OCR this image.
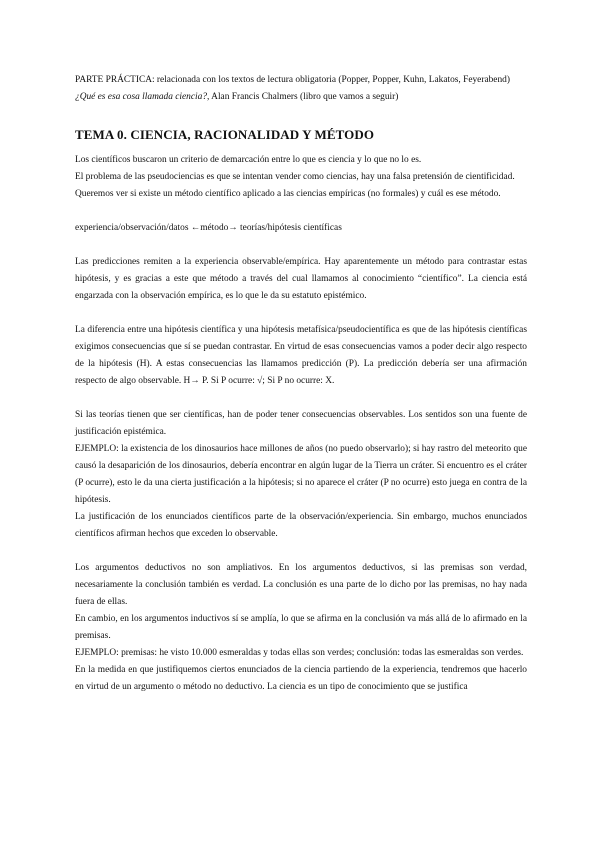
PARTE PRÁCTICA: relacionada con los textos de lectura obligatoria (Popper, Popper, Kuhn, Lakatos, Feyerabend)

¿Qué es esa cosa llamada ciencia?, Alan Francis Chalmers (libro que vamos a seguir)

TEMA 0. CIENCIA, RACIONALIDAD Y MÉTODO

Los científicos buscaron un criterio de demarcación entre lo que es ciencia y lo que no lo es.

El problema de las pseudociencias es que se intentan vender como ciencias, hay una falsa pretensión de cientificidad.

Queremos ver si existe un método científico aplicado a las ciencias empíricas (no formales) y cuál es ese método.

experiencia/observación/datos ←método→ teorías/hipótesis científicas

Las predicciones remiten a la experiencia observable/empírica. Hay aparentemente un método para contrastar estas hipótesis, y es gracias a este que método a través del cual llamamos al conocimiento “científico”. La ciencia está engarzada con la observación empírica, es lo que le da su estatuto epistémico.

La diferencia entre una hipótesis científica y una hipótesis metafísica/pseudocientífica es que de las hipótesis científicas exigimos consecuencias que sí se puedan contrastar. En virtud de esas consecuencias vamos a poder decir algo respecto de la hipótesis (H). A estas consecuencias las llamamos predicción (P). La predicción debería ser una afirmación respecto de algo observable. H→ P. Si P ocurre: √; Si P no ocurre: X.

Si las teorías tienen que ser científicas, han de poder tener consecuencias observables. Los sentidos son una fuente de justificación epistémica.

EJEMPLO: la existencia de los dinosaurios hace millones de años (no puedo observarlo); si hay rastro del meteorito que causó la desaparición de los dinosaurios, debería encontrar en algún lugar de la Tierra un cráter. Si encuentro es el cráter (P ocurre), esto le da una cierta justificación a la hipótesis; si no aparece el cráter (P no ocurre) esto juega en contra de la hipótesis.

La justificación de los enunciados científicos parte de la observación/experiencia. Sin embargo, muchos enunciados científicos afirman hechos que exceden lo observable.

Los argumentos deductivos no son ampliativos. En los argumentos deductivos, si las premisas son verdad, necesariamente la conclusión también es verdad. La conclusión es una parte de lo dicho por las premisas, no hay nada fuera de ellas.

En cambio, en los argumentos inductivos sí se amplía, lo que se afirma en la conclusión va más allá de lo afirmado en la premisas.

EJEMPLO: premisas: he visto 10.000 esmeraldas y todas ellas son verdes; conclusión: todas las esmeraldas son verdes.

En la medida en que justifiquemos ciertos enunciados de la ciencia partiendo de la experiencia, tendremos que hacerlo en virtud de un argumento o método no deductivo. La ciencia es un tipo de conocimiento que se justifica
